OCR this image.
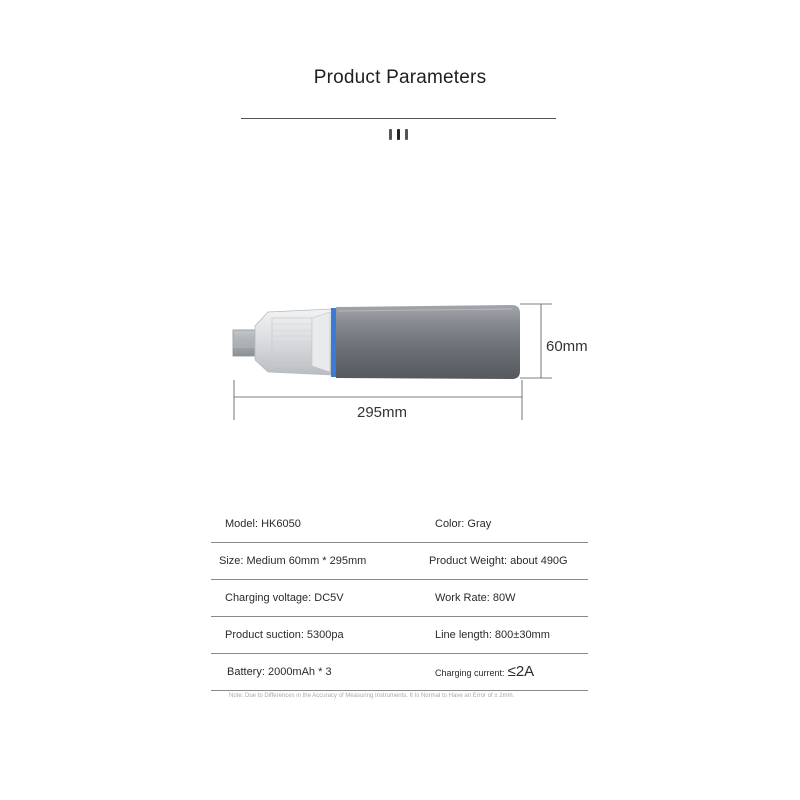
Product Parameters
60mm
295mm
Model: HK6050	Color: Gray
Size: Medium 60mm * 295mm	Product Weight: about 490G
Charging voltage: DC5V	Work Rate: 80W
Product suction: 5300pa	Line length: 800±30mm
Battery: 2000mAh * 3	Charging current: ≤2A
Note: Due to Differences in the Accuracy of Measuring Instruments, It Is Normal to Have an Error of ± 2mm.
